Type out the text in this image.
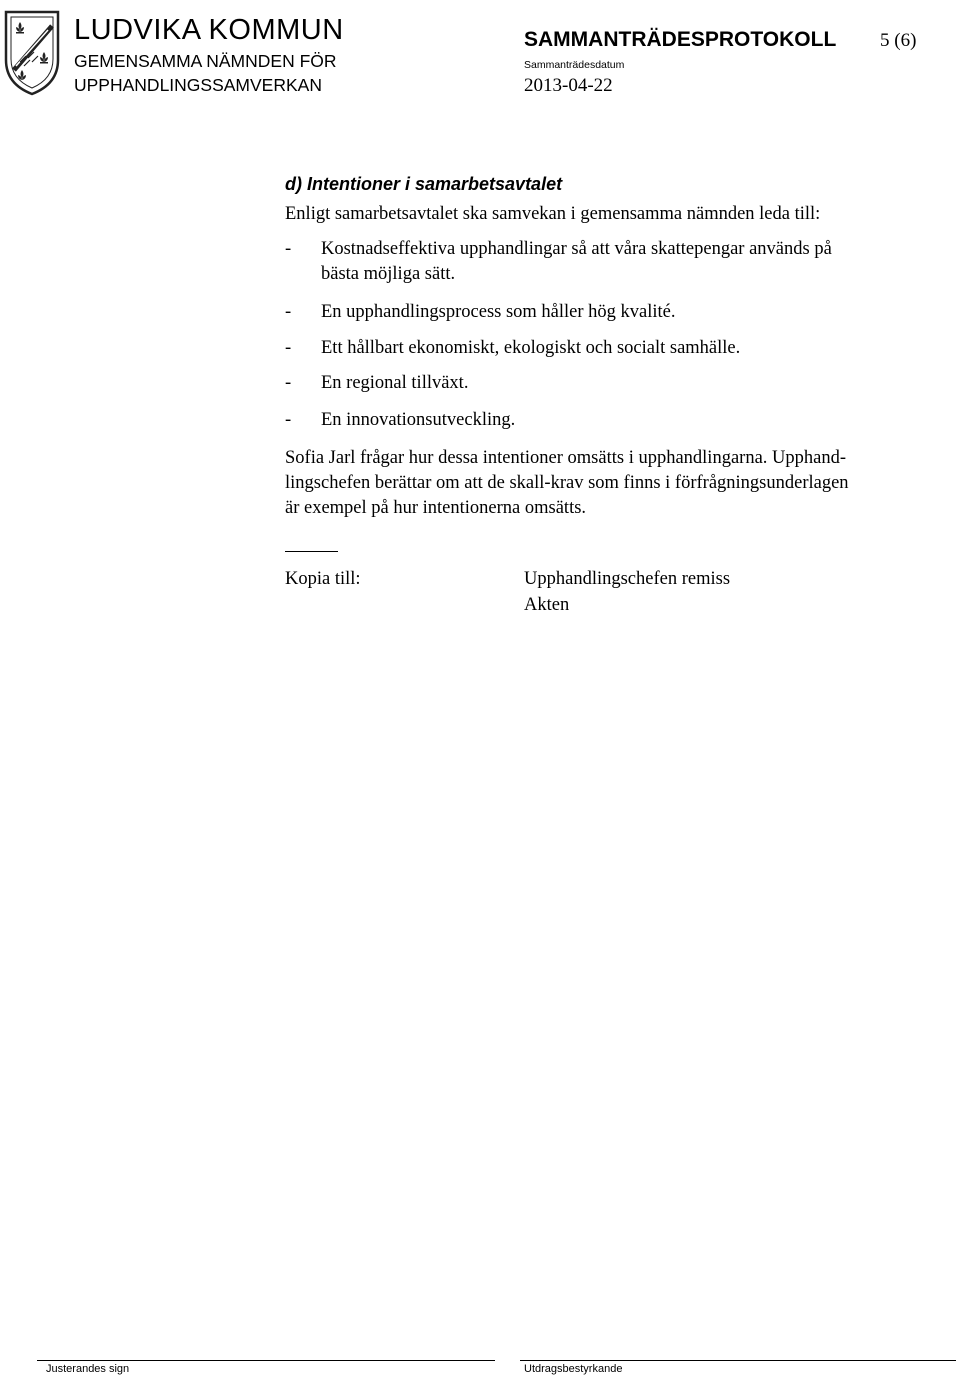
LUDVIKA KOMMUN
GEMENSAMMA NÄMNDEN FÖR
UPPHANDLINGSSAMVERKAN
SAMMANTRÄDESPROTOKOLL 5 (6)
Sammanträdesdatum
2013-04-22
d) Intentioner i samarbetsavtalet
Enligt samarbetsavtalet ska samvekan i gemensamma nämnden leda till:
- Kostnadseffektiva upphandlingar så att våra skattepengar används på
bästa möjliga sätt.
- En upphandlingsprocess som håller hög kvalité.
- Ett hållbart ekonomiskt, ekologiskt och socialt samhälle.
- En regional tillväxt.
- En innovationsutveckling.
Sofia Jarl frågar hur dessa intentioner omsätts i upphandlingarna. Upphand-
lingschefen berättar om att de skall-krav som finns i förfrågningsunderlagen
är exempel på hur intentionerna omsätts.
Kopia till:	Upphandlingschefen remiss
Akten
Justerandes sign	Utdragsbestyrkande
